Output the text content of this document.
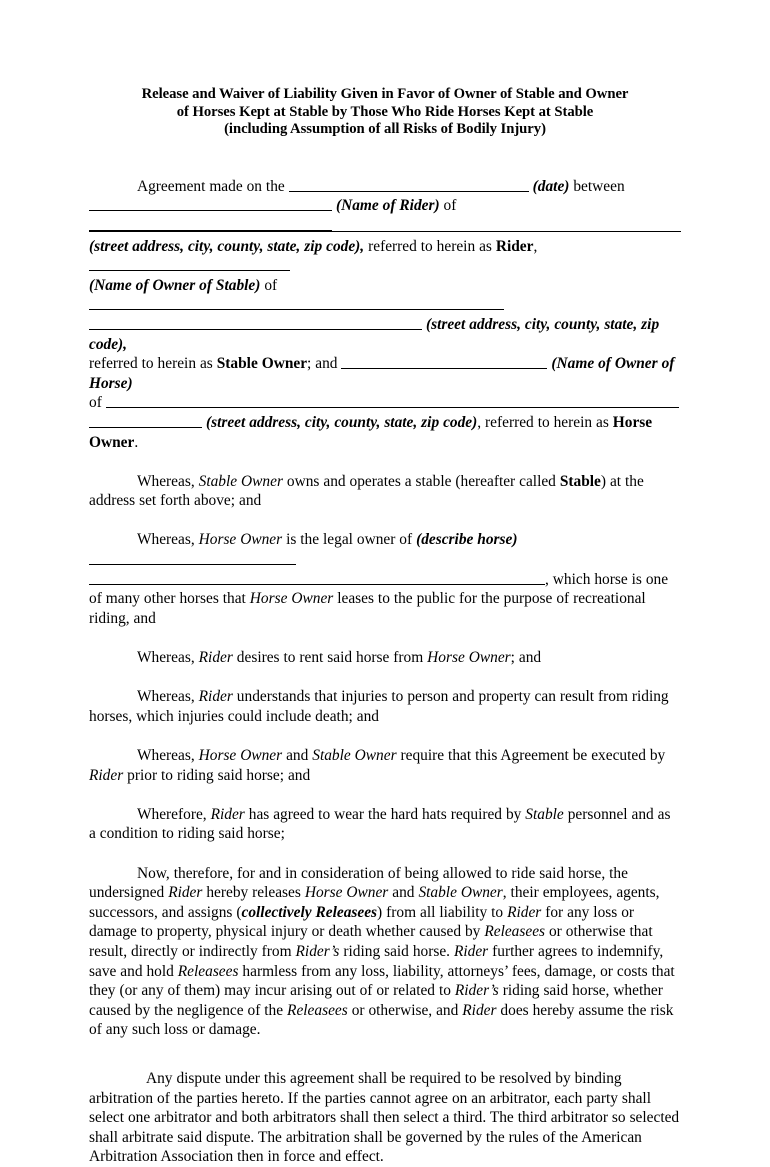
Release and Waiver of Liability Given in Favor of Owner of Stable and Owner
of Horses Kept at Stable by Those Who Ride Horses Kept at Stable
(including Assumption of all Risks of Bodily Injury)

Agreement made on the	(date) between
(Name of Rider) of
(street address, city, county, state, zip code), referred to herein as Rider,
(Name of Owner of Stable) of
(street address, city, county, state, zip code),
referred to herein as Stable Owner; and	(Name of Owner of Horse)
of
(street address, city, county, state, zip code), referred to herein as Horse Owner.

Whereas, Stable Owner owns and operates a stable (hereafter called Stable) at the address set forth above; and

Whereas, Horse Owner is the legal owner of (describe horse)
, which horse is one of many other horses that Horse Owner leases to the public for the purpose of recreational riding, and

Whereas, Rider desires to rent said horse from Horse Owner; and

Whereas, Rider understands that injuries to person and property can result from riding horses, which injuries could include death; and

Whereas, Horse Owner and Stable Owner require that this Agreement be executed by Rider prior to riding said horse; and

Wherefore, Rider has agreed to wear the hard hats required by Stable personnel and as a condition to riding said horse;

Now, therefore, for and in consideration of being allowed to ride said horse, the undersigned Rider hereby releases Horse Owner and Stable Owner, their employees, agents, successors, and assigns (collectively Releasees) from all liability to Rider for any loss or damage to property, physical injury or death whether caused by Releasees or otherwise that result, directly or indirectly from Rider’s riding said horse. Rider further agrees to indemnify, save and hold Releasees harmless from any loss, liability, attorneys’ fees, damage, or costs that they (or any of them) may incur arising out of or related to Rider’s riding said horse, whether caused by the negligence of the Releasees or otherwise, and Rider does hereby assume the risk of any such loss or damage.

Any dispute under this agreement shall be required to be resolved by binding arbitration of the parties hereto. If the parties cannot agree on an arbitrator, each party shall select one arbitrator and both arbitrators shall then select a third. The third arbitrator so selected shall arbitrate said dispute. The arbitration shall be governed by the rules of the American Arbitration Association then in force and effect.
